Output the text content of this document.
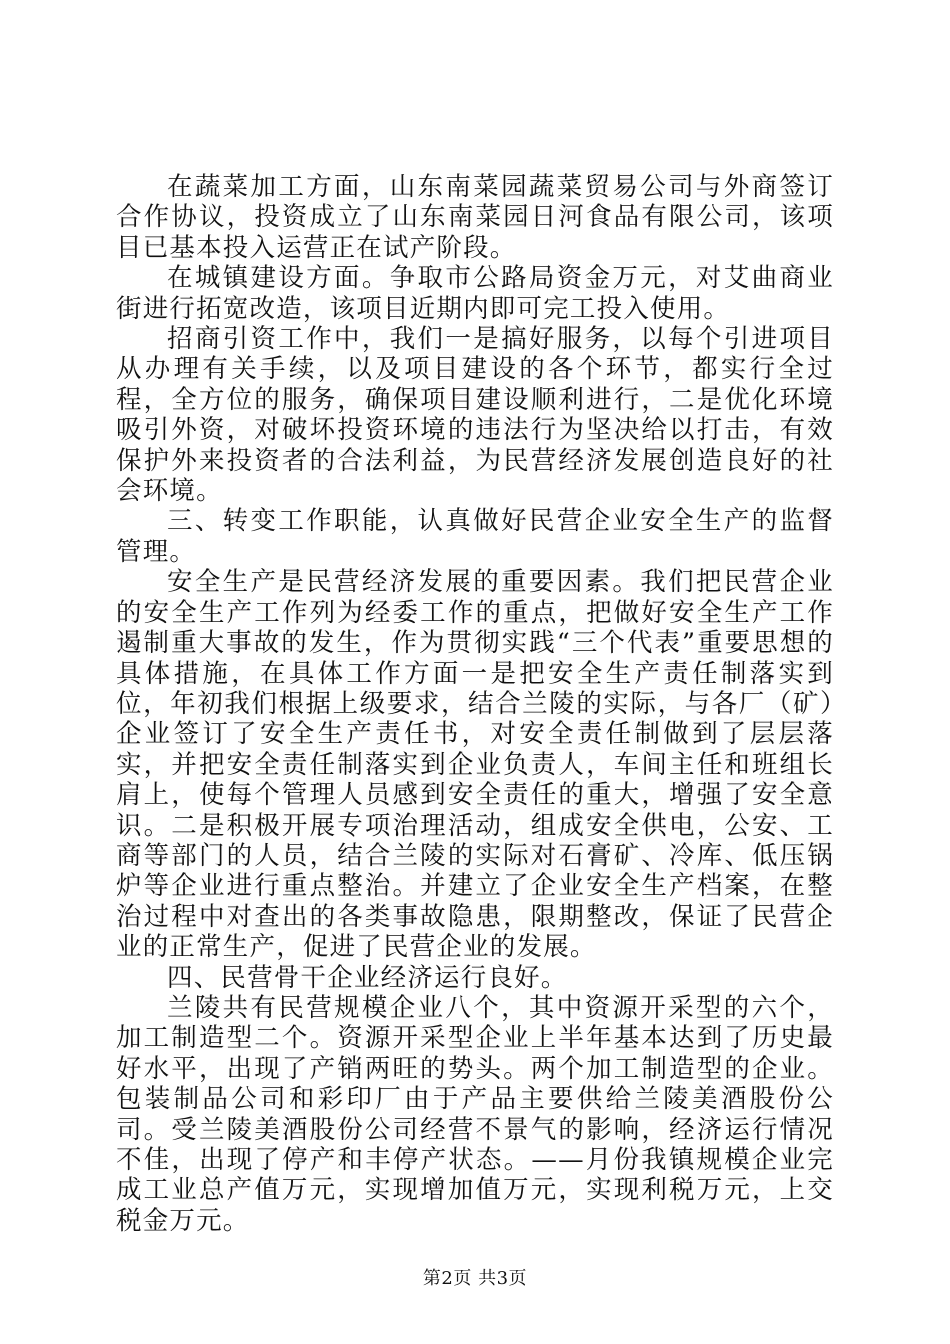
在蔬菜加工方面，山东南菜园蔬菜贸易公司与外商签订合作协议，投资成立了山东南菜园日河食品有限公司，该项目已基本投入运营正在试产阶段。

在城镇建设方面。争取市公路局资金万元，对艾曲商业街进行拓宽改造，该项目近期内即可完工投入使用。

招商引资工作中，我们一是搞好服务，以每个引进项目从办理有关手续，以及项目建设的各个环节，都实行全过程，全方位的服务，确保项目建设顺利进行，二是优化环境吸引外资，对破坏投资环境的违法行为坚决给以打击，有效保护外来投资者的合法利益，为民营经济发展创造良好的社会环境。

三、转变工作职能，认真做好民营企业安全生产的监督管理。

安全生产是民营经济发展的重要因素。我们把民营企业的安全生产工作列为经委工作的重点，把做好安全生产工作遏制重大事故的发生，作为贯彻实践“三个代表”重要思想的具体措施，在具体工作方面一是把安全生产责任制落实到位，年初我们根据上级要求，结合兰陵的实际，与各厂（矿）企业签订了安全生产责任书，对安全责任制做到了层层落实，并把安全责任制落实到企业负责人，车间主任和班组长肩上，使每个管理人员感到安全责任的重大，增强了安全意识。二是积极开展专项治理活动，组成安全供电，公安、工商等部门的人员，结合兰陵的实际对石膏矿、冷库、低压锅炉等企业进行重点整治。并建立了企业安全生产档案，在整治过程中对查出的各类事故隐患，限期整改，保证了民营企业的正常生产，促进了民营企业的发展。

四、民营骨干企业经济运行良好。

兰陵共有民营规模企业八个，其中资源开采型的六个，加工制造型二个。资源开采型企业上半年基本达到了历史最好水平，出现了产销两旺的势头。两个加工制造型的企业。包装制品公司和彩印厂由于产品主要供给兰陵美酒股份公司。受兰陵美酒股份公司经营不景气的影响，经济运行情况不佳，出现了停产和丰停产状态。——月份我镇规模企业完成工业总产值万元，实现增加值万元，实现利税万元，上交税金万元。

第2页 共3页
